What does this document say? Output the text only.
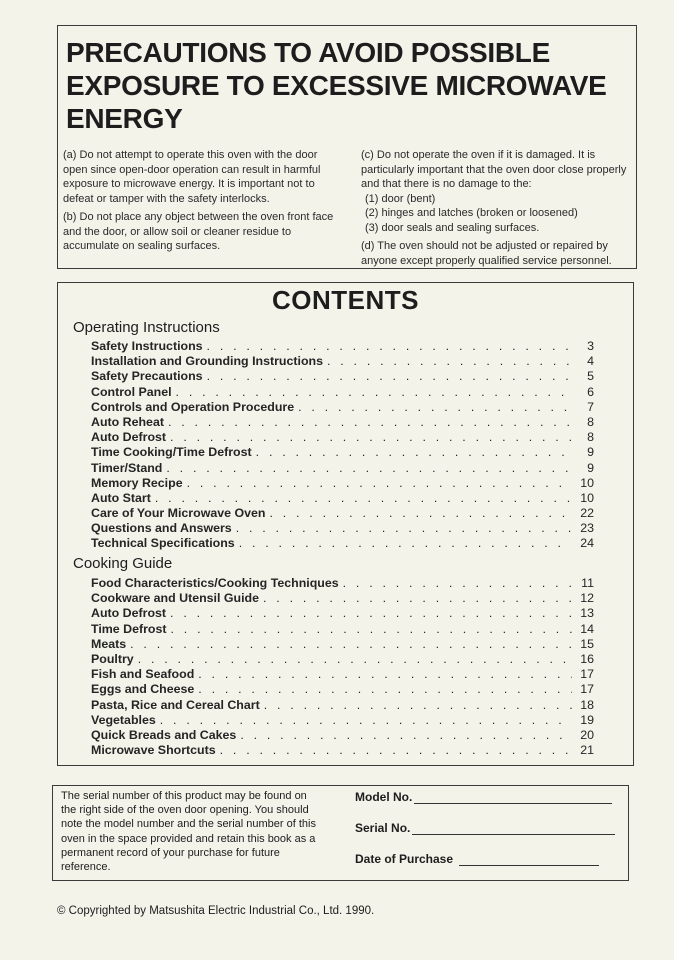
PRECAUTIONS TO AVOID POSSIBLE
EXPOSURE TO EXCESSIVE MICROWAVE
ENERGY

(a) Do not attempt to operate this oven with the door open since open-door operation can result in harmful exposure to microwave energy. It is important not to defeat or tamper with the safety interlocks.

(b) Do not place any object between the oven front face and the door, or allow soil or cleaner residue to accumulate on sealing surfaces.

(c) Do not operate the oven if it is damaged. It is particularly important that the oven door close properly and that there is no damage to the:

(1) door (bent)
(2) hinges and latches (broken or loosened)
(3) door seals and sealing surfaces.

(d) The oven should not be adjusted or repaired by anyone except properly qualified service personnel.

CONTENTS
Operating Instructions
Safety Instructions . . .	3
Installation and Grounding Instructions . . .	4
Safety Precautions . . .	5
Control Panel . . .	6
Controls and Operation Procedure . . .	7
Auto Reheat . . .	8
Auto Defrost . . .	8
Time Cooking/Time Defrost . . .	9
Timer/Stand . . .	9
Memory Recipe . . .	10
Auto Start . . .	10
Care of Your Microwave Oven . . .	22
Questions and Answers . . .	23
Technical Specifications . . .	24
Cooking Guide
Food Characteristics/Cooking Techniques . . .	11
Cookware and Utensil Guide . . .	12
Auto Defrost . . .	13
Time Defrost . . .	14
Meats . . .	15
Poultry . . .	16
Fish and Seafood . . .	17
Eggs and Cheese . . .	17
Pasta, Rice and Cereal Chart . . .	18
Vegetables . . .	19
Quick Breads and Cakes . . .	20
Microwave Shortcuts . . .	21
The serial number of this product may be found on the right side of the oven door opening. You should note the model number and the serial number of this oven in the space provided and retain this book as a permanent record of your purchase for future reference.
Model No.
Serial No.
Date of Purchase
© Copyrighted by Matsushita Electric Industrial Co., Ltd. 1990.
